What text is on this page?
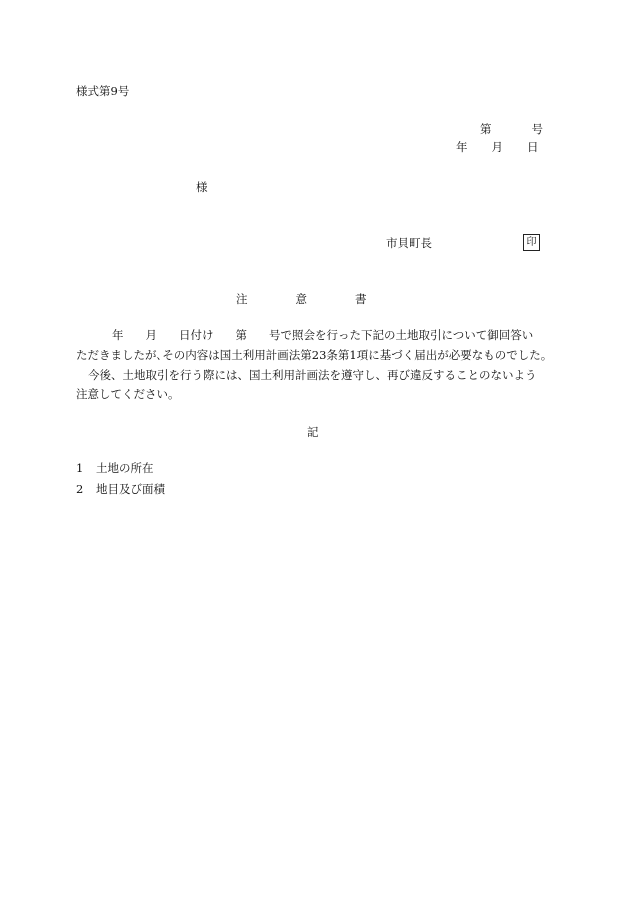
様式第9号
第	号
年 月 日
様
市貝町長	印
注	意	書
年 月 日付け 第 号で照会を行った下記の土地取引について御回答い
ただきましたが､その内容は国土利用計画法第23条第1項に基づく届出が必要なものでした。
今後、土地取引を行う際には、国土利用計画法を遵守し、再び違反することのないよう
注意してください。
記
1 土地の所在
2 地目及び面積
